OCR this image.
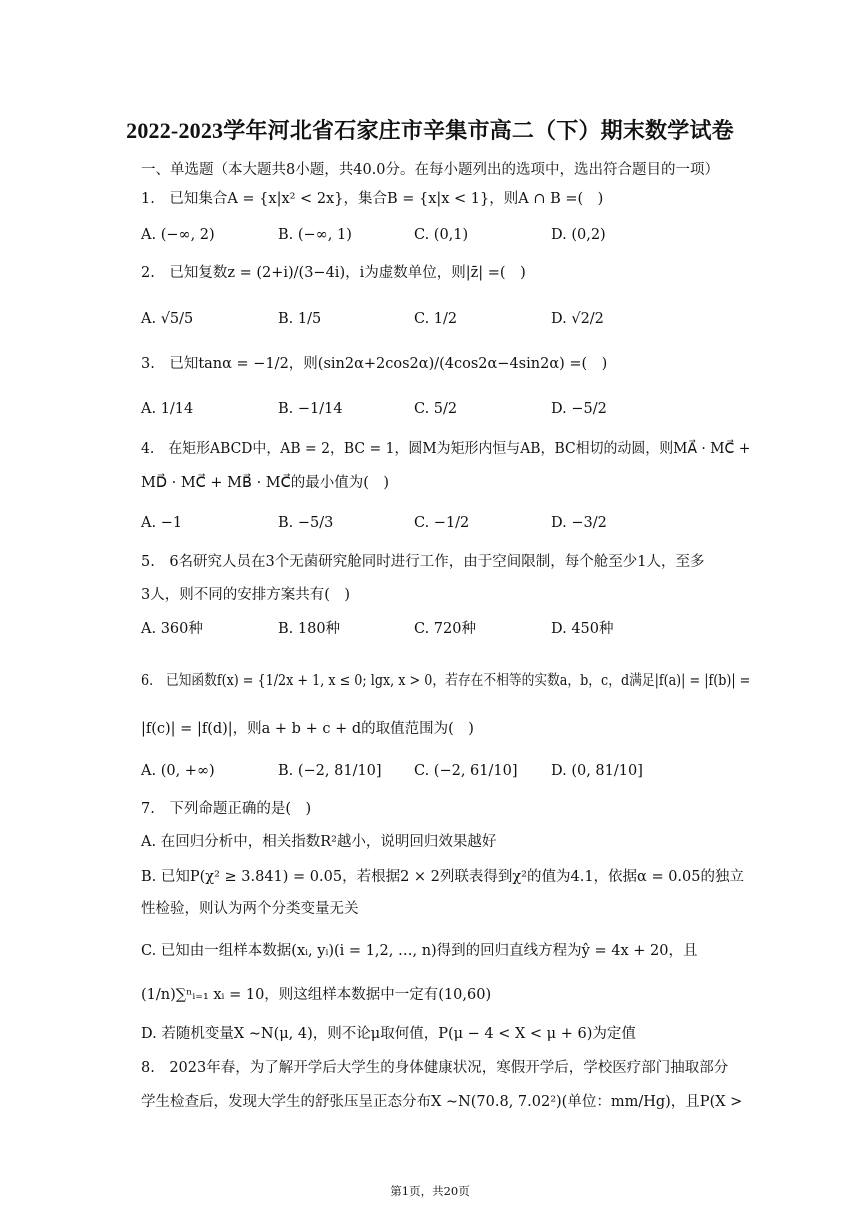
2022-2023学年河北省石家庄市辛集市高二（下）期末数学试卷
一、单选题（本大题共8小题，共40.0分。在每小题列出的选项中，选出符合题目的一项）
1.　已知集合A = {x|x² < 2x}，集合B = {x|x < 1}，则A ∩ B =(　)
A. (−∞, 2)	B. (−∞, 1)	C. (0,1)	D. (0,2)
2.　已知复数z = (2+i)/(3−4i)，i为虚数单位，则|z̄| =(　)
A. √5/5	B. 1/5	C. 1/2	D. √2/2
3.　已知tanα = −1/2，则(sin2α+2cos2α)/(4cos2α−4sin2α) =(　)
A. 1/14	B. −1/14	C. 5/2	D. −5/2
4.　在矩形ABCD中，AB = 2，BC = 1，圆M为矩形内恒与AB，BC相切的动圆，则MA⃗ · MC⃗ +
MD⃗ · MC⃗ + MB⃗ · MC⃗的最小值为(　)
A. −1	B. −5/3	C. −1/2	D. −3/2
5.　6名研究人员在3个无菌研究舱同时进行工作，由于空间限制，每个舱至少1人，至多
3人，则不同的安排方案共有(　)
A. 360种	B. 180种	C. 720种	D. 450种
6.　已知函数f(x) = {1/2x + 1, x ≤ 0; lgx, x > 0，若存在不相等的实数a，b，c，d满足|f(a)| = |f(b)| =
|f(c)| = |f(d)|，则a + b + c + d的取值范围为(　)
A. (0, +∞)	B. (−2, 81/10] C. (−2, 61/10] D. (0, 81/10]
7.　下列命题正确的是(　)
A. 在回归分析中，相关指数R²越小，说明回归效果越好
B. 已知P(χ² ≥ 3.841) = 0.05，若根据2 × 2列联表得到χ²的值为4.1，依据α = 0.05的独立
性检验，则认为两个分类变量无关
C. 已知由一组样本数据(xᵢ, yᵢ)(i = 1,2, …, n)得到的回归直线方程为ŷ = 4x + 20，且
(1/n)∑ⁿᵢ₌₁ xᵢ = 10，则这组样本数据中一定有(10,60)
D. 若随机变量X ∼N(μ, 4)，则不论μ取何值，P(μ − 4 < X < μ + 6)为定值
8.　2023年春，为了解开学后大学生的身体健康状况，寒假开学后，学校医疗部门抽取部分
学生检查后，发现大学生的舒张压呈正态分布X ∼N(70.8, 7.02²)(单位：mm/Hg)，且P(X >
第1页，共20页
